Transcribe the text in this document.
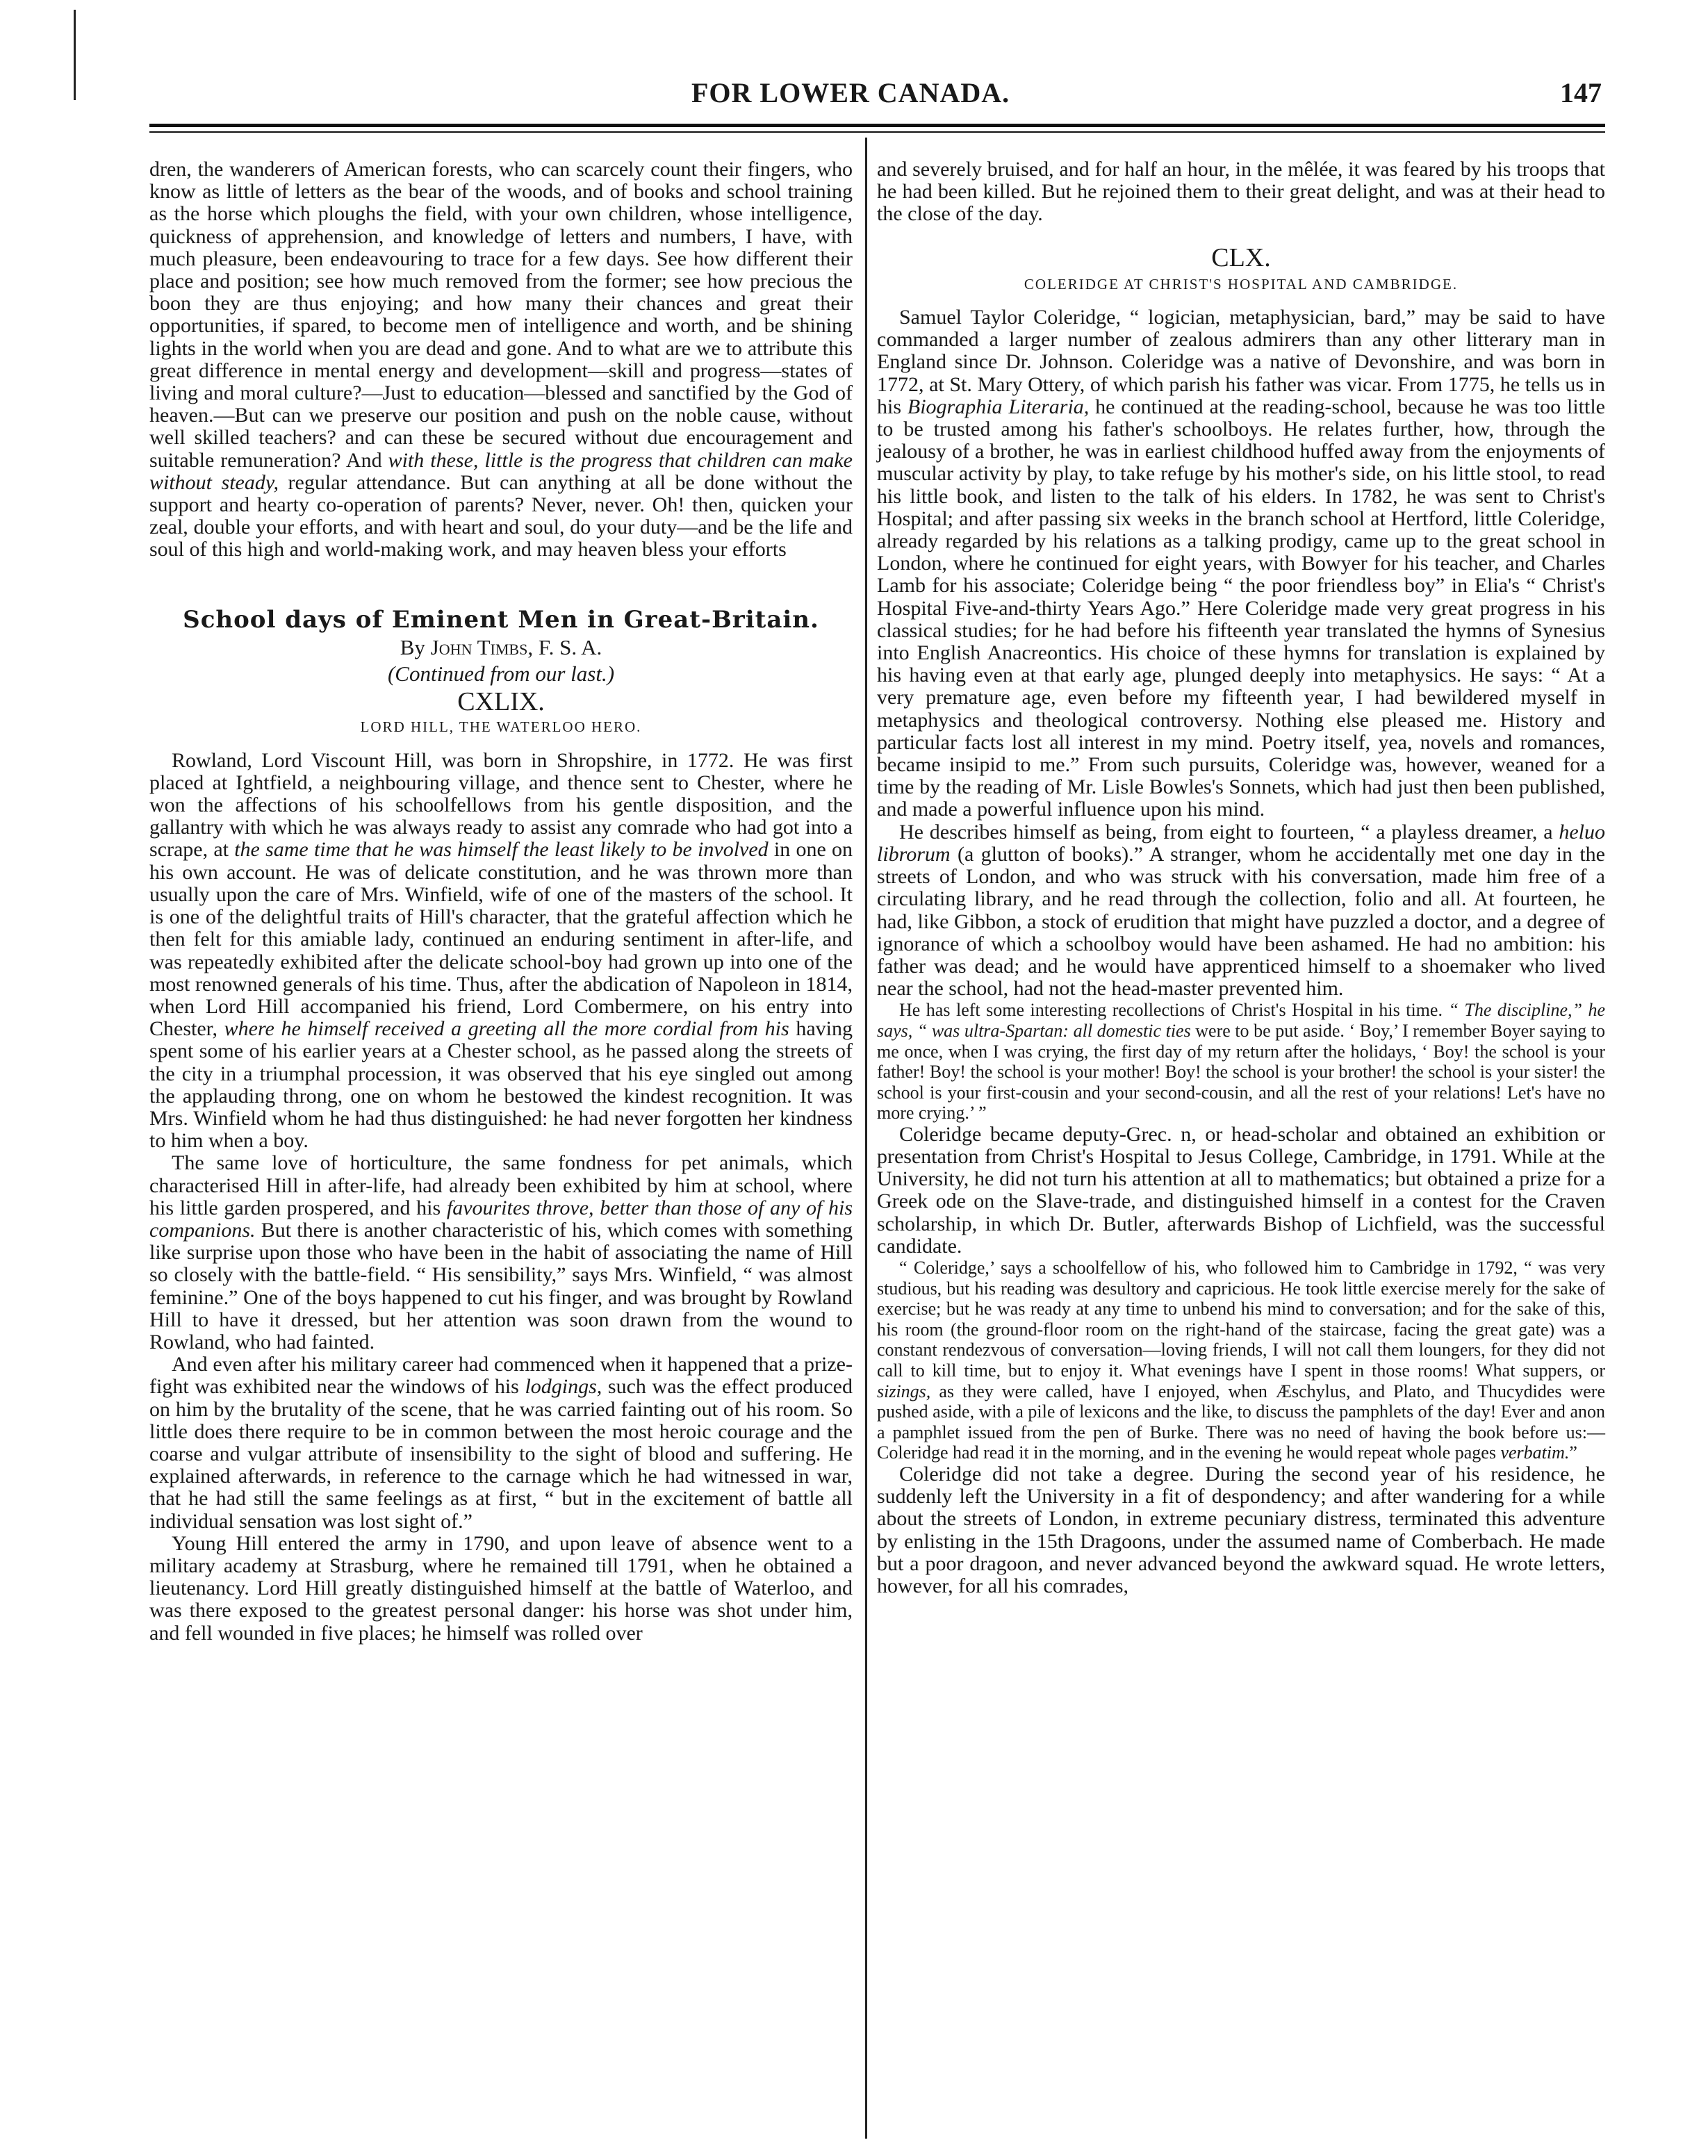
FOR LOWER CANADA.	147

dren, the wanderers of American forests, who can scarcely count their fingers, who know as little of letters as the bear of the woods, and of books and school training as the horse which ploughs the field, with your own children, whose intelligence, quickness of apprehension, and knowledge of letters and numbers, I have, with much pleasure, been endeavouring to trace for a few days. See how different their place and position; see how much removed from the former; see how precious the boon they are thus enjoying; and how many their chances and great their opportunities, if spared, to become men of intelligence and worth, and be shining lights in the world when you are dead and gone. And to what are we to attribute this great difference in mental energy and development—skill and progress—states of living and moral culture?—Just to education—blessed and sanctified by the God of heaven.—But can we preserve our position and push on the noble cause, without well skilled teachers? and can these be secured without due encouragement and suitable remuneration? And with these, little is the progress that children can make without steady, regular attendance. But can anything at all be done without the support and hearty co-operation of parents? Never, never. Oh! then, quicken your zeal, double your efforts, and with heart and soul, do your duty—and be the life and soul of this high and world-making work, and may heaven bless your efforts

School days of Eminent Men in Great-Britain.
By John Timbs, F. S. A.
(Continued from our last.)
CXLIX.
LORD HILL, THE WATERLOO HERO.

Rowland, Lord Viscount Hill, was born in Shropshire, in 1772. He was first placed at Ightfield, a neighbouring village, and thence sent to Chester, where he won the affections of his schoolfellows from his gentle disposition, and the gallantry with which he was always ready to assist any comrade who had got into a scrape, at the same time that he was himself the least likely to be involved in one on his own account. He was of delicate constitution, and he was thrown more than usually upon the care of Mrs. Winfield, wife of one of the masters of the school. It is one of the delightful traits of Hill's character, that the grateful affection which he then felt for this amiable lady, continued an enduring sentiment in after-life, and was repeatedly exhibited after the delicate school-boy had grown up into one of the most renowned generals of his time. Thus, after the abdication of Napoleon in 1814, when Lord Hill accompanied his friend, Lord Combermere, on his entry into Chester, where he himself received a greeting all the more cordial from his having spent some of his earlier years at a Chester school, as he passed along the streets of the city in a triumphal procession, it was observed that his eye singled out among the applauding throng, one on whom he bestowed the kindest recognition. It was Mrs. Winfield whom he had thus distinguished: he had never forgotten her kindness to him when a boy.

The same love of horticulture, the same fondness for pet animals, which characterised Hill in after-life, had already been exhibited by him at school, where his little garden prospered, and his favourites throve, better than those of any of his companions. But there is another characteristic of his, which comes with something like surprise upon those who have been in the habit of associating the name of Hill so closely with the battle-field. “ His sensibility,” says Mrs. Winfield, “ was almost feminine.” One of the boys happened to cut his finger, and was brought by Rowland Hill to have it dressed, but her attention was soon drawn from the wound to Rowland, who had fainted.

And even after his military career had commenced when it happened that a prize-fight was exhibited near the windows of his lodgings, such was the effect produced on him by the brutality of the scene, that he was carried fainting out of his room. So little does there require to be in common between the most heroic courage and the coarse and vulgar attribute of insensibility to the sight of blood and suffering. He explained afterwards, in reference to the carnage which he had witnessed in war, that he had still the same feelings as at first, “ but in the excitement of battle all individual sensation was lost sight of.”

Young Hill entered the army in 1790, and upon leave of absence went to a military academy at Strasburg, where he remained till 1791, when he obtained a lieutenancy. Lord Hill greatly distinguished himself at the battle of Waterloo, and was there exposed to the greatest personal danger: his horse was shot under him, and fell wounded in five places; he himself was rolled over

and severely bruised, and for half an hour, in the mêlée, it was feared by his troops that he had been killed. But he rejoined them to their great delight, and was at their head to the close of the day.

CLX.
COLERIDGE AT CHRIST'S HOSPITAL AND CAMBRIDGE.

Samuel Taylor Coleridge, “ logician, metaphysician, bard,” may be said to have commanded a larger number of zealous admirers than any other litterary man in England since Dr. Johnson. Coleridge was a native of Devonshire, and was born in 1772, at St. Mary Ottery, of which parish his father was vicar. From 1775, he tells us in his Biographia Literaria, he continued at the reading-school, because he was too little to be trusted among his father's schoolboys. He relates further, how, through the jealousy of a brother, he was in earliest childhood huffed away from the enjoyments of muscular activity by play, to take refuge by his mother's side, on his little stool, to read his little book, and listen to the talk of his elders. In 1782, he was sent to Christ's Hospital; and after passing six weeks in the branch school at Hertford, little Coleridge, already regarded by his relations as a talking prodigy, came up to the great school in London, where he continued for eight years, with Bowyer for his teacher, and Charles Lamb for his associate; Coleridge being “ the poor friendless boy” in Elia's “ Christ's Hospital Five-and-thirty Years Ago.” Here Coleridge made very great progress in his classical studies; for he had before his fifteenth year translated the hymns of Synesius into English Anacreontics. His choice of these hymns for translation is explained by his having even at that early age, plunged deeply into metaphysics. He says: “ At a very premature age, even before my fifteenth year, I had bewildered myself in metaphysics and theological controversy. Nothing else pleased me. History and particular facts lost all interest in my mind. Poetry itself, yea, novels and romances, became insipid to me.” From such pursuits, Coleridge was, however, weaned for a time by the reading of Mr. Lisle Bowles's Sonnets, which had just then been published, and made a powerful influence upon his mind.

He describes himself as being, from eight to fourteen, “ a playless dreamer, a heluo librorum (a glutton of books).” A stranger, whom he accidentally met one day in the streets of London, and who was struck with his conversation, made him free of a circulating library, and he read through the collection, folio and all. At fourteen, he had, like Gibbon, a stock of erudition that might have puzzled a doctor, and a degree of ignorance of which a schoolboy would have been ashamed. He had no ambition: his father was dead; and he would have apprenticed himself to a shoemaker who lived near the school, had not the head-master prevented him.

He has left some interesting recollections of Christ's Hospital in his time. “ The discipline,” he says, “ was ultra-Spartan: all domestic ties were to be put aside. ‘ Boy,’ I remember Boyer saying to me once, when I was crying, the first day of my return after the holidays, ‘ Boy! the school is your father! Boy! the school is your mother! Boy! the school is your brother! the school is your sister! the school is your first-cousin and your second-cousin, and all the rest of your relations! Let's have no more crying.’ ”

Coleridge became deputy-Grec. n, or head-scholar and obtained an exhibition or presentation from Christ's Hospital to Jesus College, Cambridge, in 1791. While at the University, he did not turn his attention at all to mathematics; but obtained a prize for a Greek ode on the Slave-trade, and distinguished himself in a contest for the Craven scholarship, in which Dr. Butler, afterwards Bishop of Lichfield, was the successful candidate.

“ Coleridge,’ says a schoolfellow of his, who followed him to Cambridge in 1792, “ was very studious, but his reading was desultory and capricious. He took little exercise merely for the sake of exercise; but he was ready at any time to unbend his mind to conversation; and for the sake of this, his room (the ground-floor room on the right-hand of the staircase, facing the great gate) was a constant rendezvous of conversation—loving friends, I will not call them loungers, for they did not call to kill time, but to enjoy it. What evenings have I spent in those rooms! What suppers, or sizings, as they were called, have I enjoyed, when Æschylus, and Plato, and Thucydides were pushed aside, with a pile of lexicons and the like, to discuss the pamphlets of the day! Ever and anon a pamphlet issued from the pen of Burke. There was no need of having the book before us:—Coleridge had read it in the morning, and in the evening he would repeat whole pages verbatim.”

Coleridge did not take a degree. During the second year of his residence, he suddenly left the University in a fit of despondency; and after wandering for a while about the streets of London, in extreme pecuniary distress, terminated this adventure by enlisting in the 15th Dragoons, under the assumed name of Comberbach. He made but a poor dragoon, and never advanced beyond the awkward squad. He wrote letters, however, for all his comrades,
